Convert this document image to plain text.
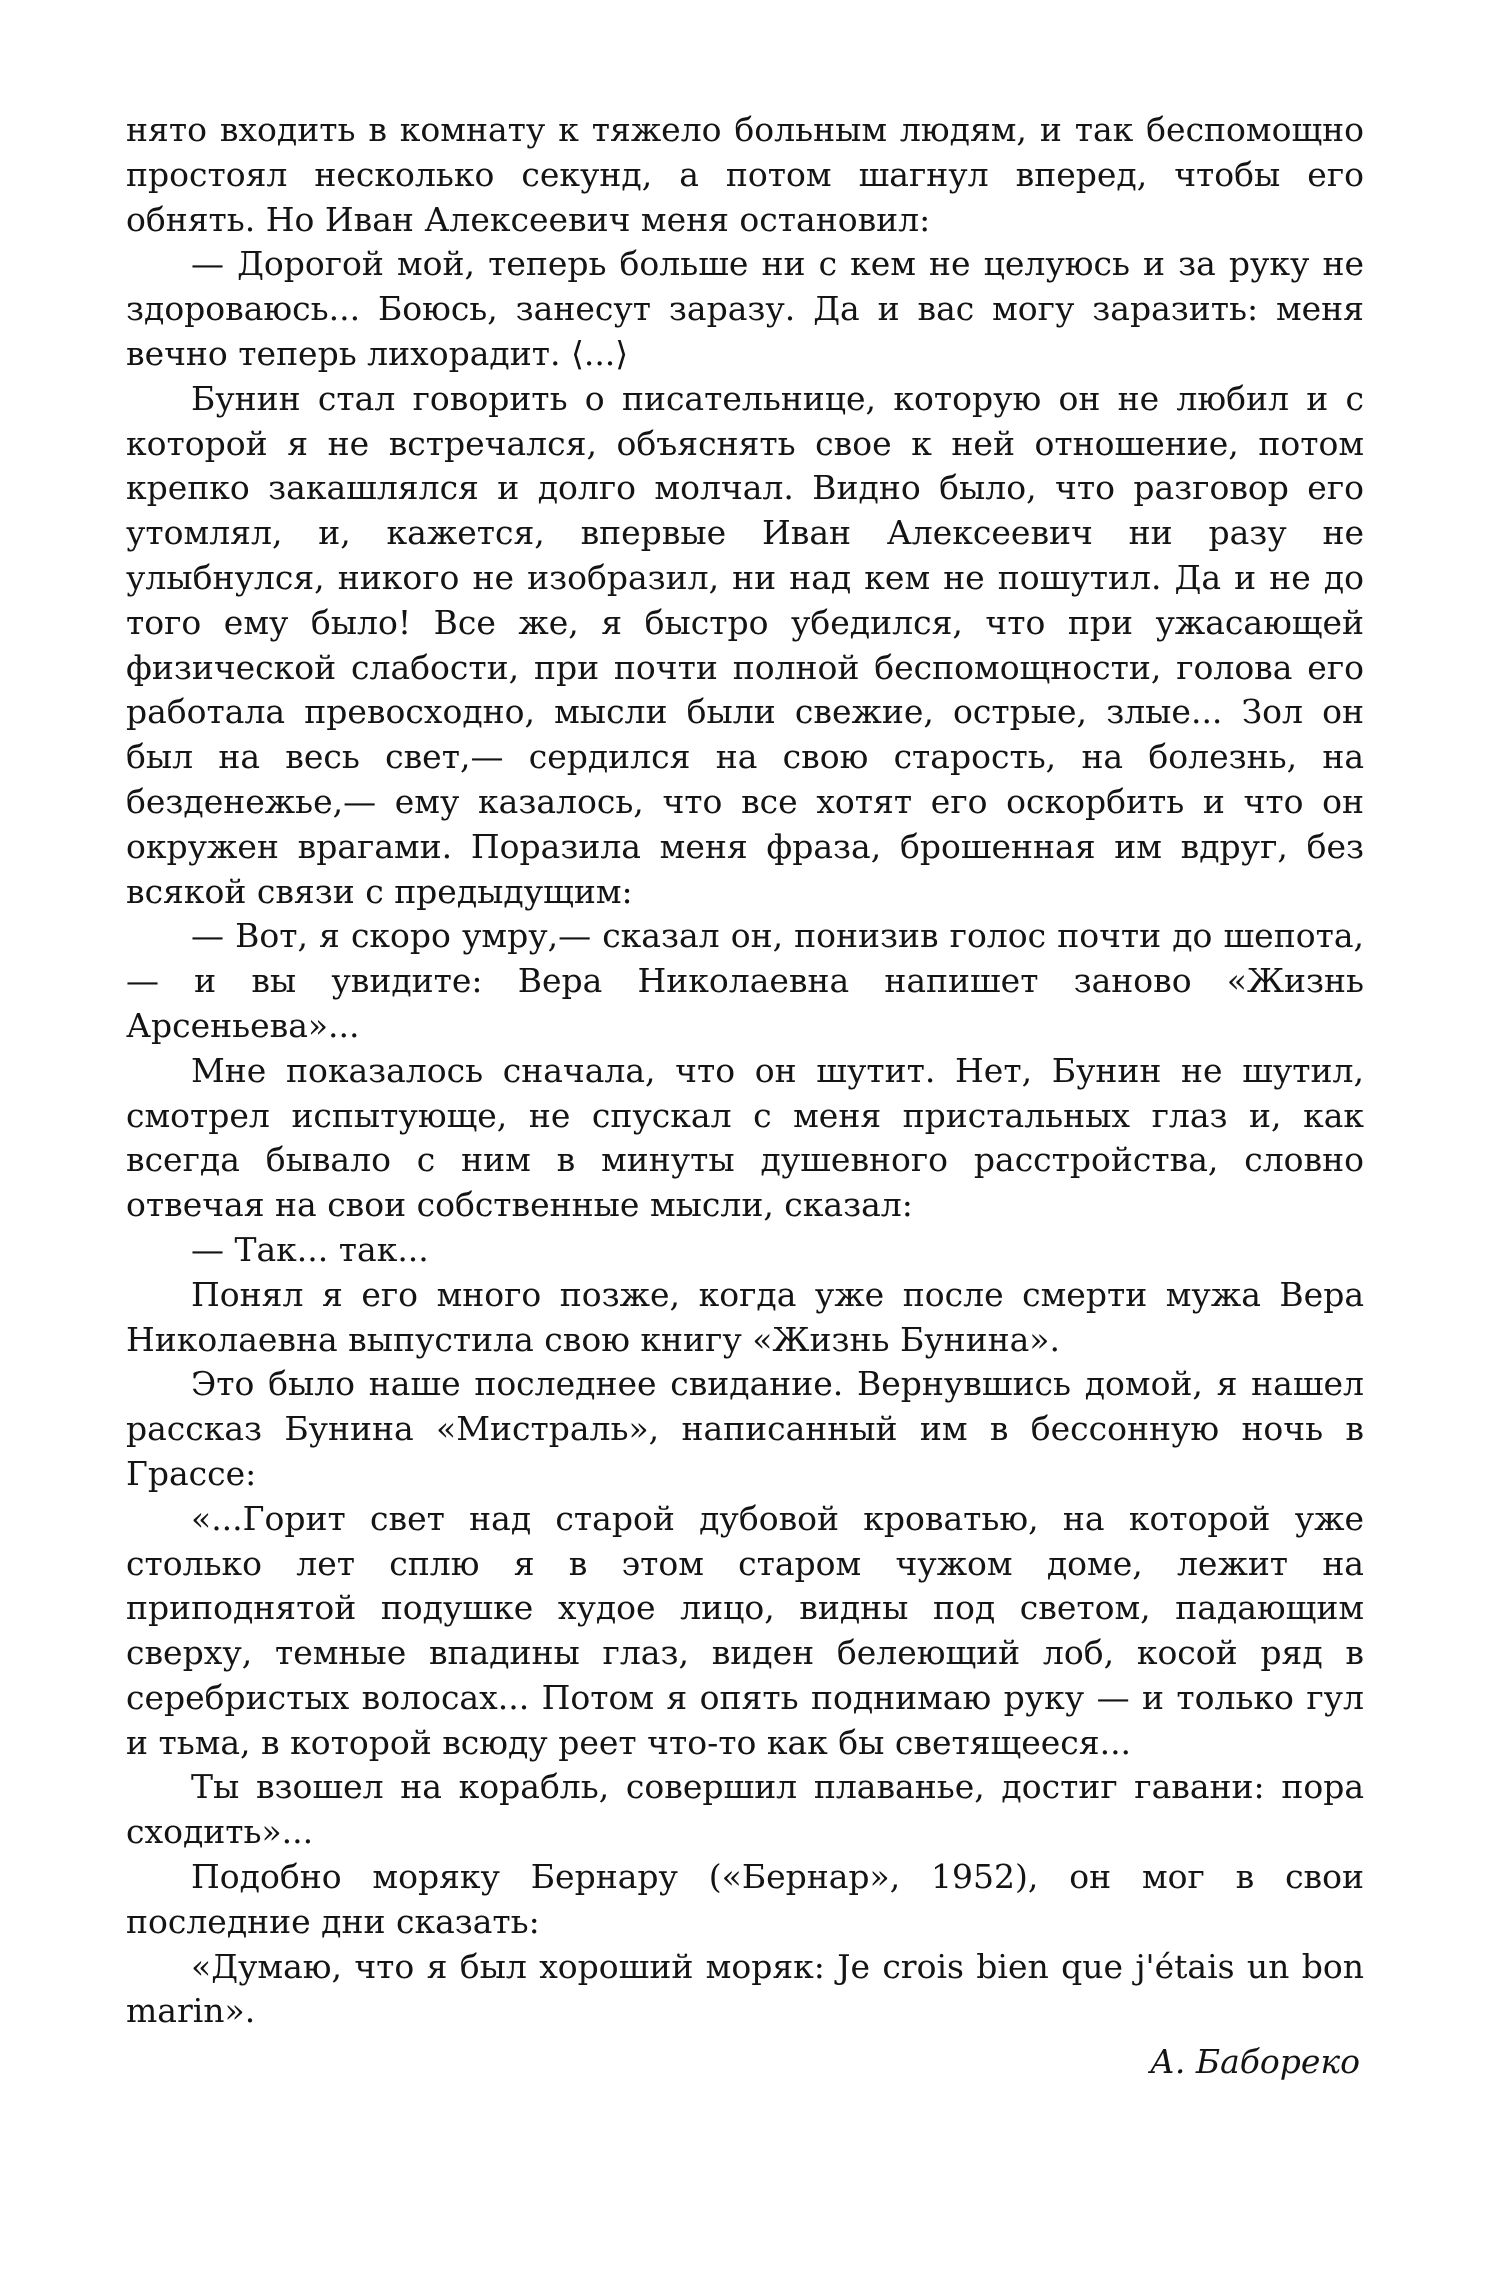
нято входить в комнату к тяжело больным людям, и так беспомощно простоял несколько секунд, а потом шагнул вперед, чтобы его обнять. Но Иван Алексеевич меня остановил:

— Дорогой мой, теперь больше ни с кем не целуюсь и за руку не здороваюсь... Боюсь, занесут заразу. Да и вас могу заразить: меня вечно теперь лихорадит. ⟨...⟩

Бунин стал говорить о писательнице, которую он не любил и с которой я не встречался, объяснять свое к ней отношение, потом крепко закашлялся и долго молчал. Видно было, что разговор его утомлял, и, кажется, впервые Иван Алексеевич ни разу не улыбнулся, никого не изобразил, ни над кем не пошутил. Да и не до того ему было! Все же, я быстро убедился, что при ужасающей физической слабости, при почти полной беспомощности, голова его работала превосходно, мысли были свежие, острые, злые... Зол он был на весь свет,— сердился на свою старость, на болезнь, на безденежье,— ему казалось, что все хотят его оскорбить и что он окружен врагами. Поразила меня фраза, брошенная им вдруг, без всякой связи с предыдущим:

— Вот, я скоро умру,— сказал он, понизив голос почти до шепота,— и вы увидите: Вера Николаевна напишет заново «Жизнь Арсеньева»...

Мне показалось сначала, что он шутит. Нет, Бунин не шутил, смотрел испытующе, не спускал с меня пристальных глаз и, как всегда бывало с ним в минуты душевного расстройства, словно отвечая на свои собственные мысли, сказал:

— Так... так...

Понял я его много позже, когда уже после смерти мужа Вера Николаевна выпустила свою книгу «Жизнь Бунина».

Это было наше последнее свидание. Вернувшись домой, я нашел рассказ Бунина «Мистраль», написанный им в бессонную ночь в Грассе:

«...Горит свет над старой дубовой кроватью, на которой уже столько лет сплю я в этом старом чужом доме, лежит на приподнятой подушке худое лицо, видны под светом, падающим сверху, темные впадины глаз, виден белеющий лоб, косой ряд в серебристых волосах... Потом я опять поднимаю руку — и только гул и тьма, в которой всюду реет что-то как бы светящееся...

Ты взошел на корабль, совершил плаванье, достиг гавани: пора сходить»...

Подобно моряку Бернару («Бернар», 1952), он мог в свои последние дни сказать:

«Думаю, что я был хороший моряк: Je crois bien que j'étais un bon marin».

А. Бабореко
